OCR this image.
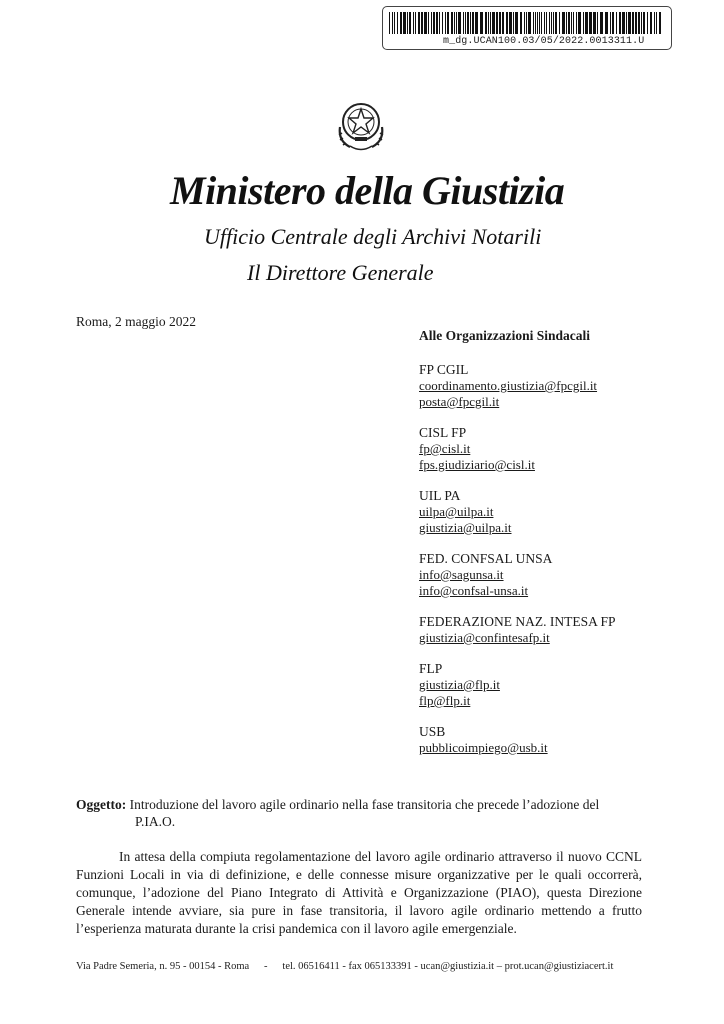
m_dg.UCAN100.03/05/2022.0013311.U
Ministero della Giustizia
Ufficio Centrale degli Archivi Notarili
Il Direttore Generale
Roma, 2 maggio 2022
Alle Organizzazioni Sindacali
FP CGIL
coordinamento.giustizia@fpcgil.it
posta@fpcgil.it
CISL FP
fp@cisl.it
fps.giudiziario@cisl.it
UIL PA
uilpa@uilpa.it
giustizia@uilpa.it
FED. CONFSAL UNSA
info@sagunsa.it
info@confsal-unsa.it
FEDERAZIONE NAZ. INTESA FP
giustizia@confintesafp.it
FLP
giustizia@flp.it
flp@flp.it
USB
pubblicoimpiego@usb.it
Oggetto: Introduzione del lavoro agile ordinario nella fase transitoria che precede l’adozione del
P.IA.O.
In attesa della compiuta regolamentazione del lavoro agile ordinario attraverso il nuovo CCNL Funzioni Locali in via di definizione, e delle connesse misure organizzative per le quali occorrerà, comunque, l’adozione del Piano Integrato di Attività e Organizzazione (PIAO), questa Direzione Generale intende avviare, sia pure in fase transitoria, il lavoro agile ordinario mettendo a frutto l’esperienza maturata durante la crisi pandemica con il lavoro agile emergenziale.
Via Padre Semeria, n. 95 - 00154 - Roma - tel. 06516411 - fax 065133391 - ucan@giustizia.it – prot.ucan@giustiziacert.it
